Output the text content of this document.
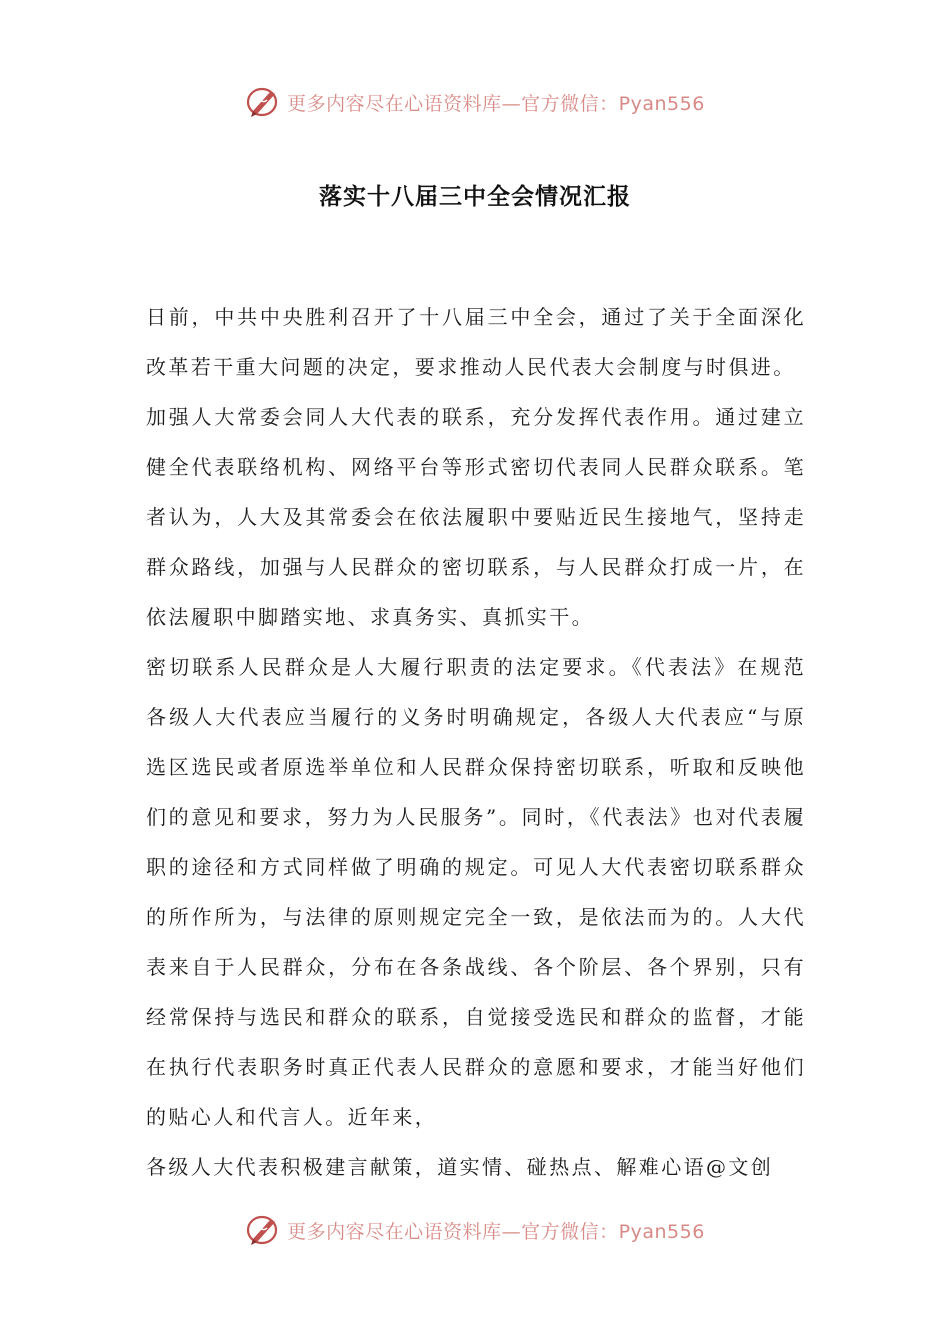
更多内容尽在心语资料库—官方微信：Pyan556
落实十八届三中全会情况汇报

日前，中共中央胜利召开了十八届三中全会，通过了关于全面深化改革若干重大问题的决定，要求推动人民代表大会制度与时俱进。

加强人大常委会同人大代表的联系，充分发挥代表作用。通过建立健全代表联络机构、网络平台等形式密切代表同人民群众联系。笔者认为，人大及其常委会在依法履职中要贴近民生接地气，坚持走群众路线，加强与人民群众的密切联系，与人民群众打成一片，在依法履职中脚踏实地、求真务实、真抓实干。

密切联系人民群众是人大履行职责的法定要求。《代表法》在规范各级人大代表应当履行的义务时明确规定，各级人大代表应“与原选区选民或者原选举单位和人民群众保持密切联系，听取和反映他们的意见和要求，努力为人民服务”。同时，《代表法》也对代表履职的途径和方式同样做了明确的规定。可见人大代表密切联系群众的所作所为，与法律的原则规定完全一致，是依法而为的。人大代表来自于人民群众，分布在各条战线、各个阶层、各个界别，只有经常保持与选民和群众的联系，自觉接受选民和群众的监督，才能在执行代表职务时真正代表人民群众的意愿和要求，才能当好他们的贴心人和代言人。近年来，

各级人大代表积极建言献策，道实情、碰热点、解难心语@文创

更多内容尽在心语资料库—官方微信：Pyan556
